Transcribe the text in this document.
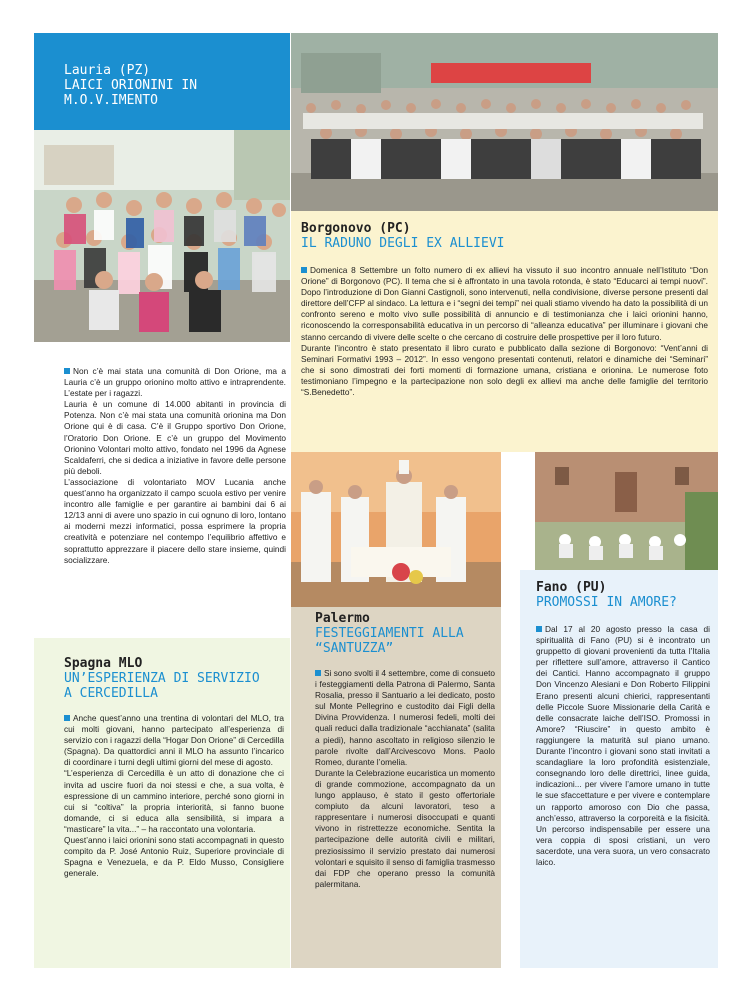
Lauria (PZ)
LAICI ORIONINI IN
M.O.V.IMENTO

Non c’è mai stata una comunità di Don Orione, ma a Lauria c’è un gruppo orionino molto attivo e intraprendente. L’estate per i ragazzi.

Lauria è un comune di 14.000 abitanti in provincia di Potenza. Non c’è mai stata una comunità orionina ma Don Orione qui è di casa. C’è il Gruppo sportivo Don Orione, l’Oratorio Don Orione. E c’è un gruppo del Movimento Orionino Volontari molto attivo, fondato nel 1996 da Agnese Scaldaferri, che si dedica a iniziative in favore delle persone più deboli.

L’associazione di volontariato MOV Lucania anche quest’anno ha organizzato il campo scuola estivo per venire incontro alle famiglie e per garantire ai bambini dai 6 ai 12/13 anni di avere uno spazio in cui ognuno di loro, lontano ai moderni mezzi informatici, possa esprimere la propria creatività e potenziare nel contempo l’equilibrio affettivo e soprattutto apprezzare il piacere dello stare insieme, quindi socializzare.

Borgonovo (PC)
IL RADUNO DEGLI EX ALLIEVI

Domenica 8 Settembre un folto numero di ex allievi ha vissuto il suo incontro annuale nell’Istituto “Don Orione” di Borgonovo (PC). Il tema che si è affrontato in una tavola rotonda, è stato “Educarci ai tempi nuovi”. Dopo l’introduzione di Don Gianni Castignoli, sono intervenuti, nella condivisione, diverse persone presenti dal direttore dell’CFP al sindaco. La lettura e i “segni dei tempi” nei quali stiamo vivendo ha dato la possibilità di un confronto sereno e molto vivo sulle possibilità di annuncio e di testimonianza che i laici orionini hanno, riconoscendo la corresponsabilità educativa in un percorso di “alleanza educativa” per illuminare i giovani che stanno cercando di vivere delle scelte o che cercano di costruire delle prospettive per il loro futuro.

Durante l’incontro è stato presentato il libro curato e pubblicato dalla sezione di Borgonovo: “Vent’anni di Seminari Formativi 1993 – 2012”. In esso vengono presentati contenuti, relatori e dinamiche dei “Seminari” che si sono dimostrati dei forti momenti di formazione umana, cristiana e orionina. Le numerose foto testimoniano l’impegno e la partecipazione non solo degli ex allievi ma anche delle famiglie del territorio “S.Benedetto”.

Spagna MLO
UN’ESPERIENZA DI SERVIZIO
A CERCEDILLA

Anche quest’anno una trentina di volontari del MLO, tra cui molti giovani, hanno partecipato all’esperienza di servizio con i ragazzi della “Hogar Don Orione” di Cercedilla (Spagna). Da quattordici anni il MLO ha assunto l’incarico di coordinare i turni degli ultimi giorni del mese di agosto.

“L’esperienza di Cercedilla è un atto di donazione che ci invita ad uscire fuori da noi stessi e che, a sua volta, è espressione di un cammino interiore, perché sono giorni in cui si “coltiva” la propria interiorità, si fanno buone domande, ci si educa alla sensibilità, si impara a “masticare” la vita...” – ha raccontato una volontaria.

Quest’anno i laici orionini sono stati accompagnati in questo compito da P. José Antonio Ruiz, Superiore provinciale di Spagna e Venezuela, e da P. Eldo Musso, Consigliere generale.

Palermo
FESTEGGIAMENTI ALLA
“SANTUZZA”

Si sono svolti il 4 settembre, come di consueto i festeggiamenti della Patrona di Palermo, Santa Rosalia, presso il Santuario a lei dedicato, posto sul Monte Pellegrino e custodito dai Figli della Divina Provvidenza. I numerosi fedeli, molti dei quali reduci dalla tradizionale “acchianata” (salita a piedi), hanno ascoltato in religioso silenzio le parole rivolte dall’Arcivescovo Mons. Paolo Romeo, durante l’omelia.

Durante la Celebrazione eucaristica un momento di grande commozione, accompagnato da un lungo applauso, è stato il gesto offertoriale compiuto da alcuni lavoratori, teso a rappresentare i numerosi disoccupati e quanti vivono in ristrettezze economiche. Sentita la partecipazione delle autorità civili e militari, preziosissimo il servizio prestato dai numerosi volontari e squisito il senso di famiglia trasmesso dai FDP che operano presso la comunità palermitana.

Fano (PU)
PROMOSSI IN AMORE?

Dal 17 al 20 agosto presso la casa di spiritualità di Fano (PU) si è incontrato un gruppetto di giovani provenienti da tutta l’Italia per riflettere sull’amore, attraverso il Cantico dei Cantici. Hanno accompagnato il gruppo Don Vincenzo Alesiani e Don Roberto Filippini Erano presenti alcuni chierici, rappresentanti delle Piccole Suore Missionarie della Carità e delle consacrate laiche dell’ISO. Promossi in Amore? “Riuscire” in questo ambito è raggiungere la maturità sul piano umano. Durante l’incontro i giovani sono stati invitati a scandagliare la loro profondità esistenziale, consegnando loro delle direttrici, linee guida, indicazioni... per vivere l’amore umano in tutte le sue sfaccettature e per vivere e contemplare un rapporto amoroso con Dio che passa, anch’esso, attraverso la corporeità e la fisicità. Un percorso indispensabile per essere una vera coppia di sposi cristiani, un vero sacerdote, una vera suora, un vero consacrato laico.
